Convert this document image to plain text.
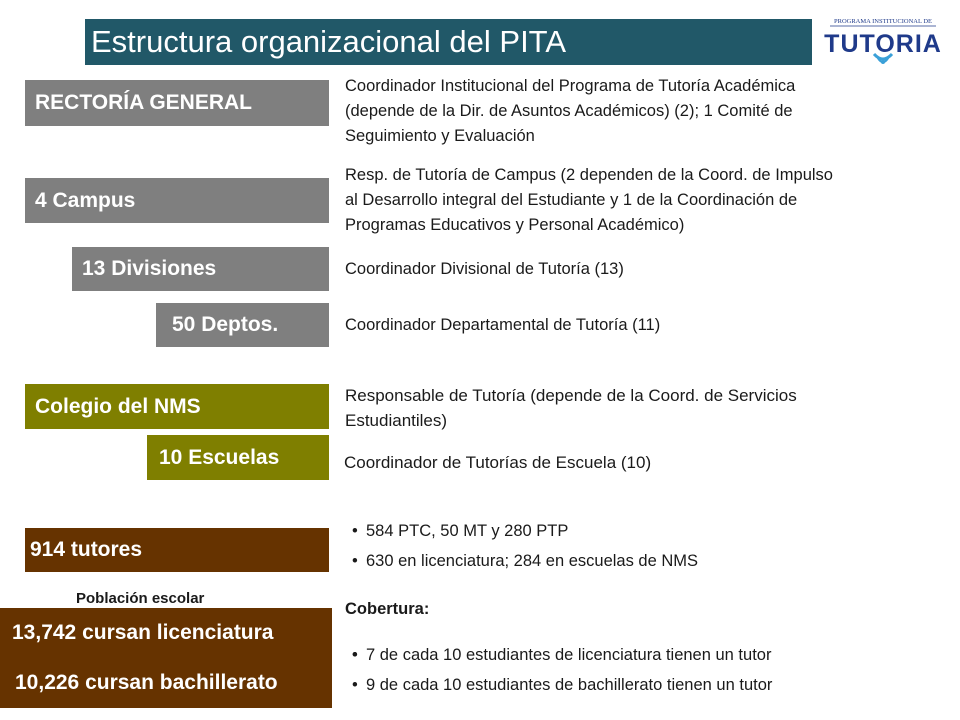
Estructura organizacional del PITA
PROGRAMA INSTITUCIONAL DE
TUTORIA
RECTORÍA GENERAL
4 Campus
13 Divisiones
50 Deptos.
Colegio del NMS
10 Escuelas
914 tutores
Población escolar
13,742 cursan licenciatura
10,226 cursan bachillerato
Coordinador Institucional del Programa de Tutoría Académica
(depende de la Dir. de Asuntos Académicos) (2); 1 Comité de
Seguimiento y Evaluación
Resp. de Tutoría de Campus (2 dependen de la Coord. de Impulso
al Desarrollo integral del Estudiante y 1 de la Coordinación de
Programas Educativos y Personal Académico)
Coordinador Divisional de Tutoría (13)
Coordinador Departamental de Tutoría (11)
Responsable de Tutoría (depende de la Coord. de Servicios
Estudiantiles)
Coordinador de Tutorías de Escuela (10)
• 584 PTC, 50 MT y 280 PTP
• 630 en licenciatura; 284 en escuelas de NMS
Cobertura:
•
• 7 de cada 10 estudiantes de licenciatura tienen un tutor
• 9 de cada 10 estudiantes de bachillerato tienen un tutor
